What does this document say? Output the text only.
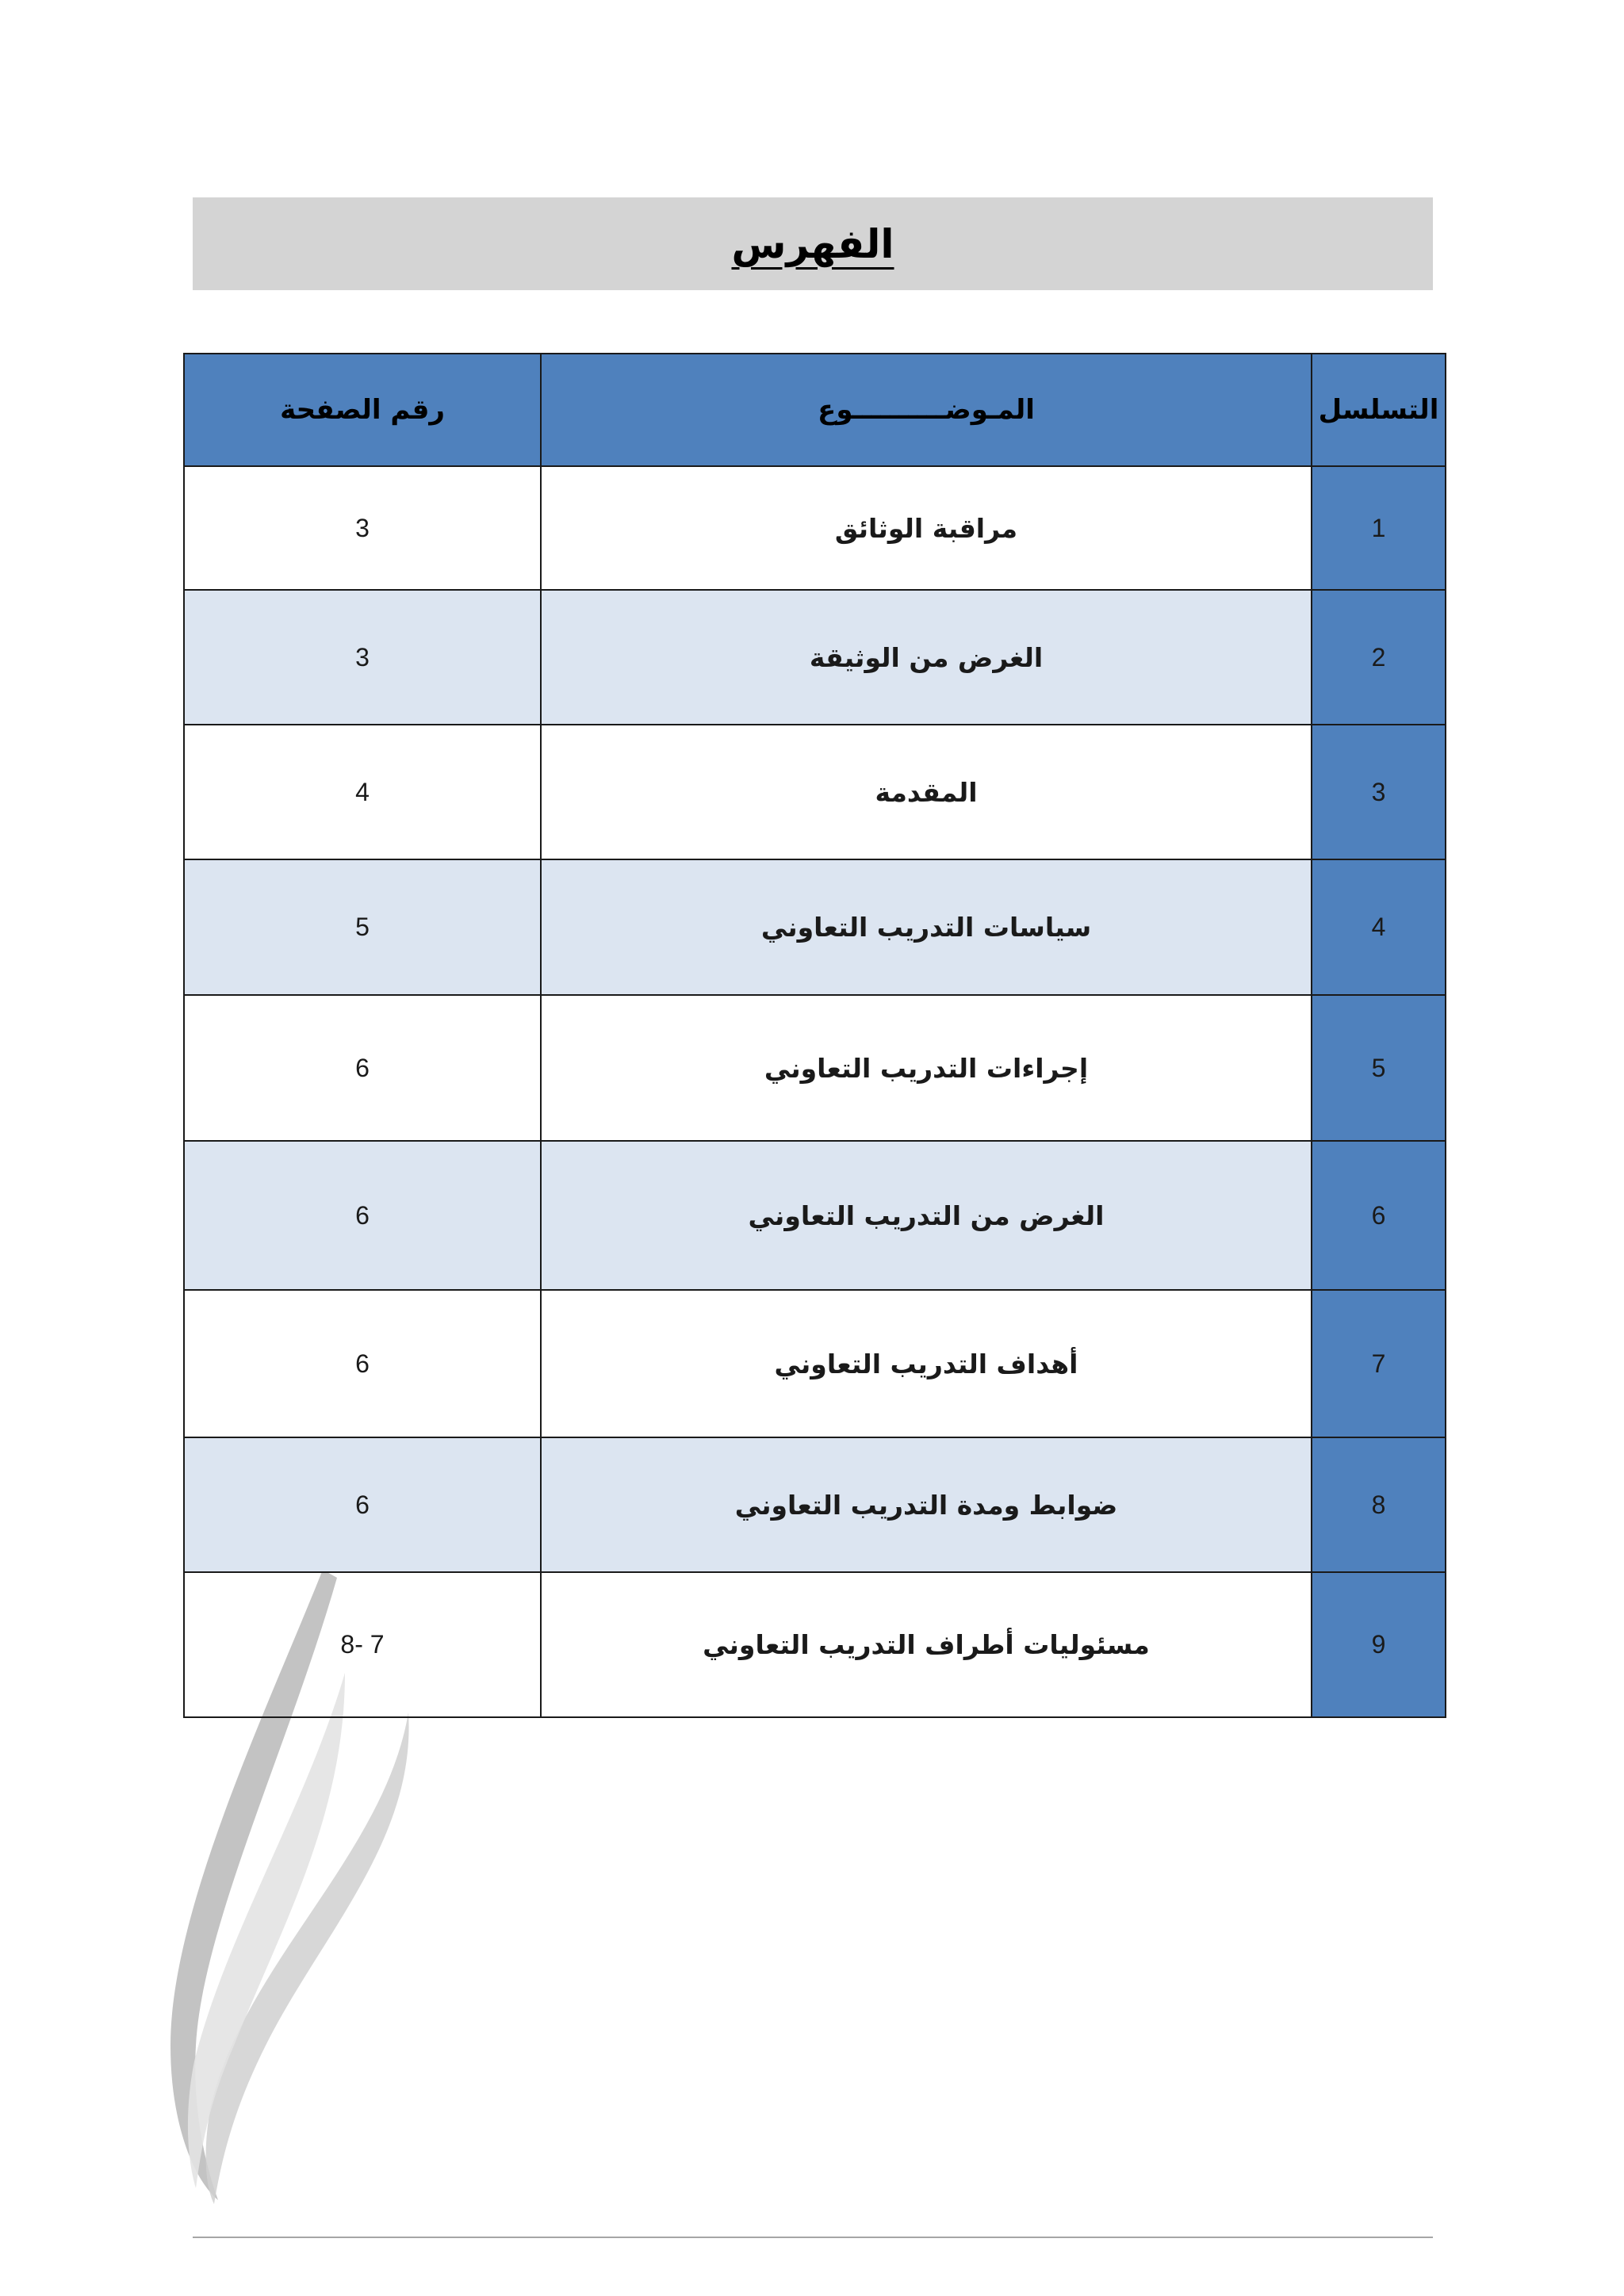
الفهرس
التسلسل	المـوضــــــــــوع	رقم الصفحة
1	مراقبة الوثائق	3
2	الغرض من الوثيقة	3
3	المقدمة	4
4	سياسات التدريب التعاوني	5
5	إجراءات التدريب التعاوني	6
6	الغرض من التدريب التعاوني	6
7	أهداف التدريب التعاوني	6
8	ضوابط ومدة التدريب التعاوني	6
9	مسئوليات أطراف التدريب التعاوني	7 -8
